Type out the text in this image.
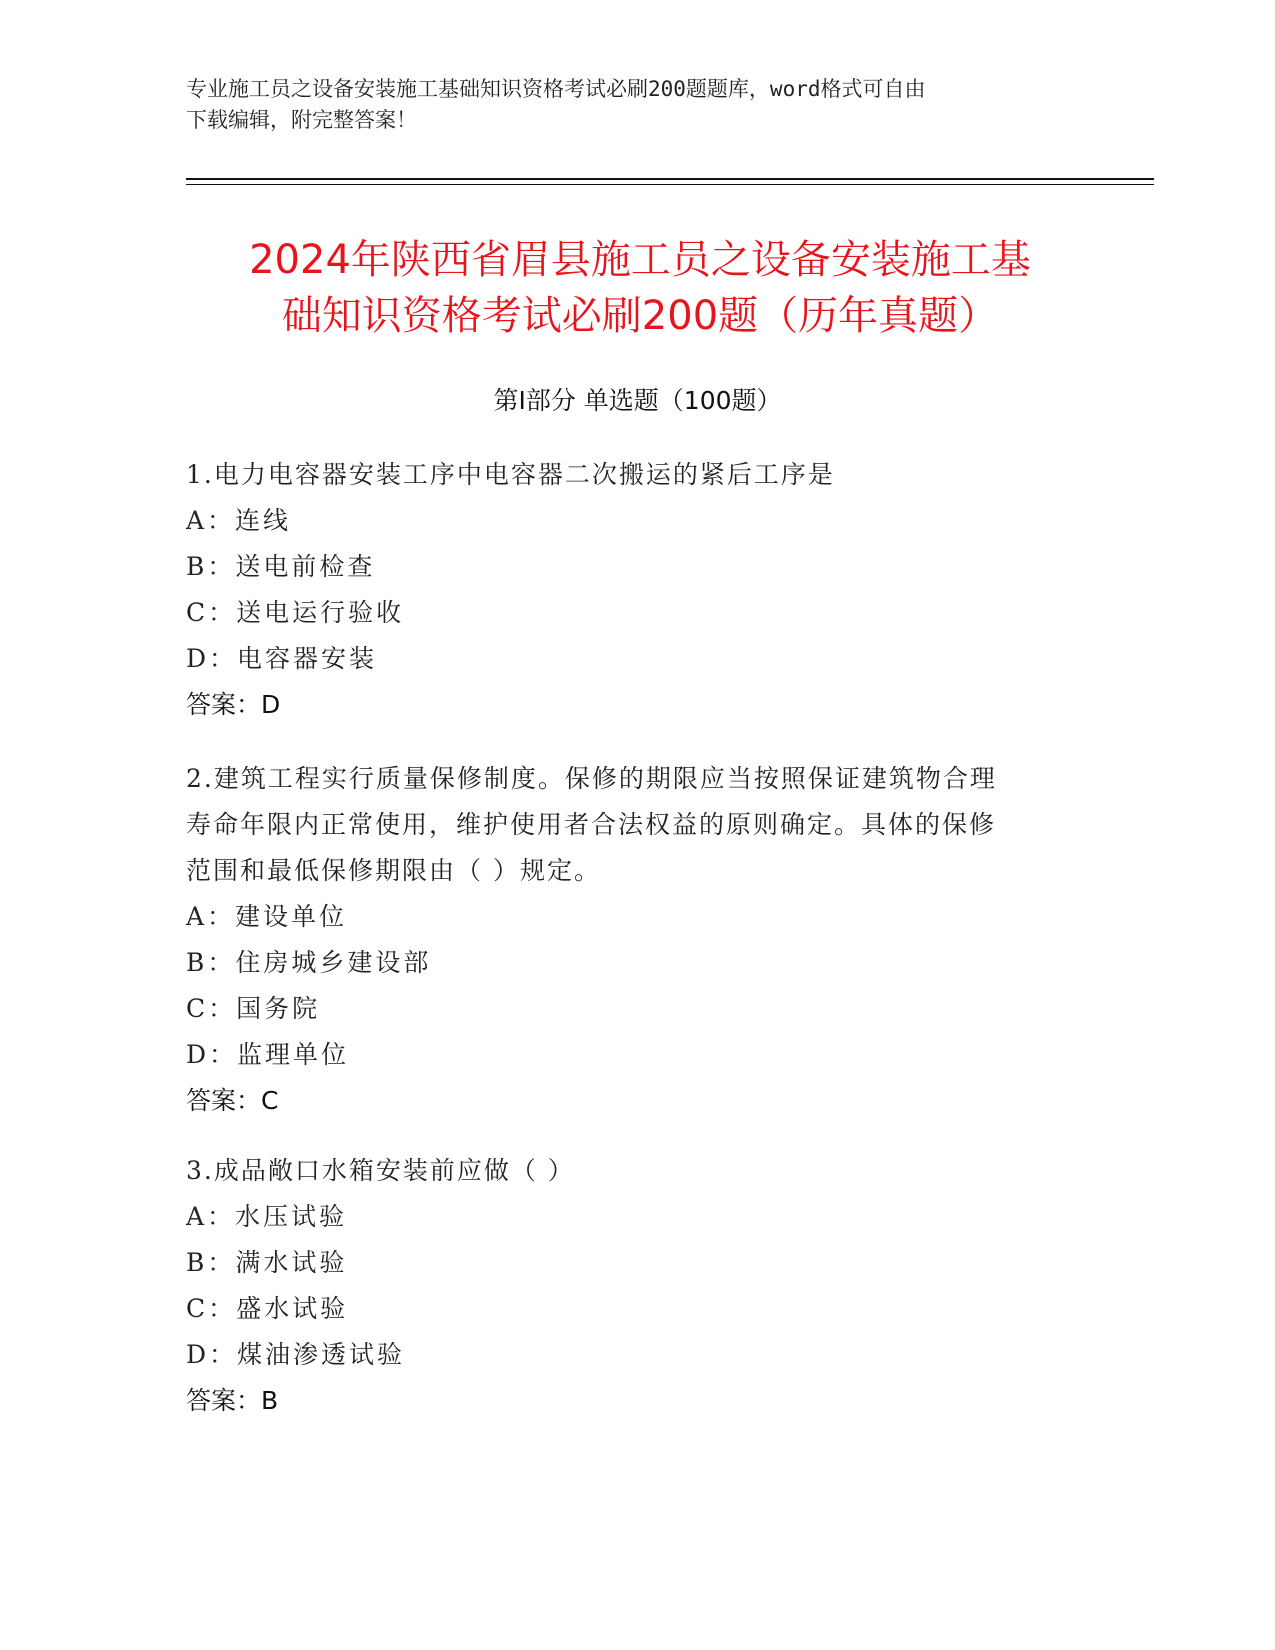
专业施工员之设备安装施工基础知识资格考试必刷200题题库，word格式可自由
下载编辑，附完整答案！
2024年陕西省眉县施工员之设备安装施工基
础知识资格考试必刷200题（历年真题）
第Ⅰ部分 单选题（100题）
1.电力电容器安装工序中电容器二次搬运的紧后工序是
A：连线
B：送电前检查
C：送电运行验收
D：电容器安装
答案：D
2.建筑工程实行质量保修制度。保修的期限应当按照保证建筑物合理
寿命年限内正常使用，维护使用者合法权益的原则确定。具体的保修
范围和最低保修期限由（ ）规定。
A：建设单位
B：住房城乡建设部
C：国务院
D：监理单位
答案：C
3.成品敞口水箱安装前应做（ ）
A：水压试验
B：满水试验
C：盛水试验
D：煤油渗透试验
答案：B
